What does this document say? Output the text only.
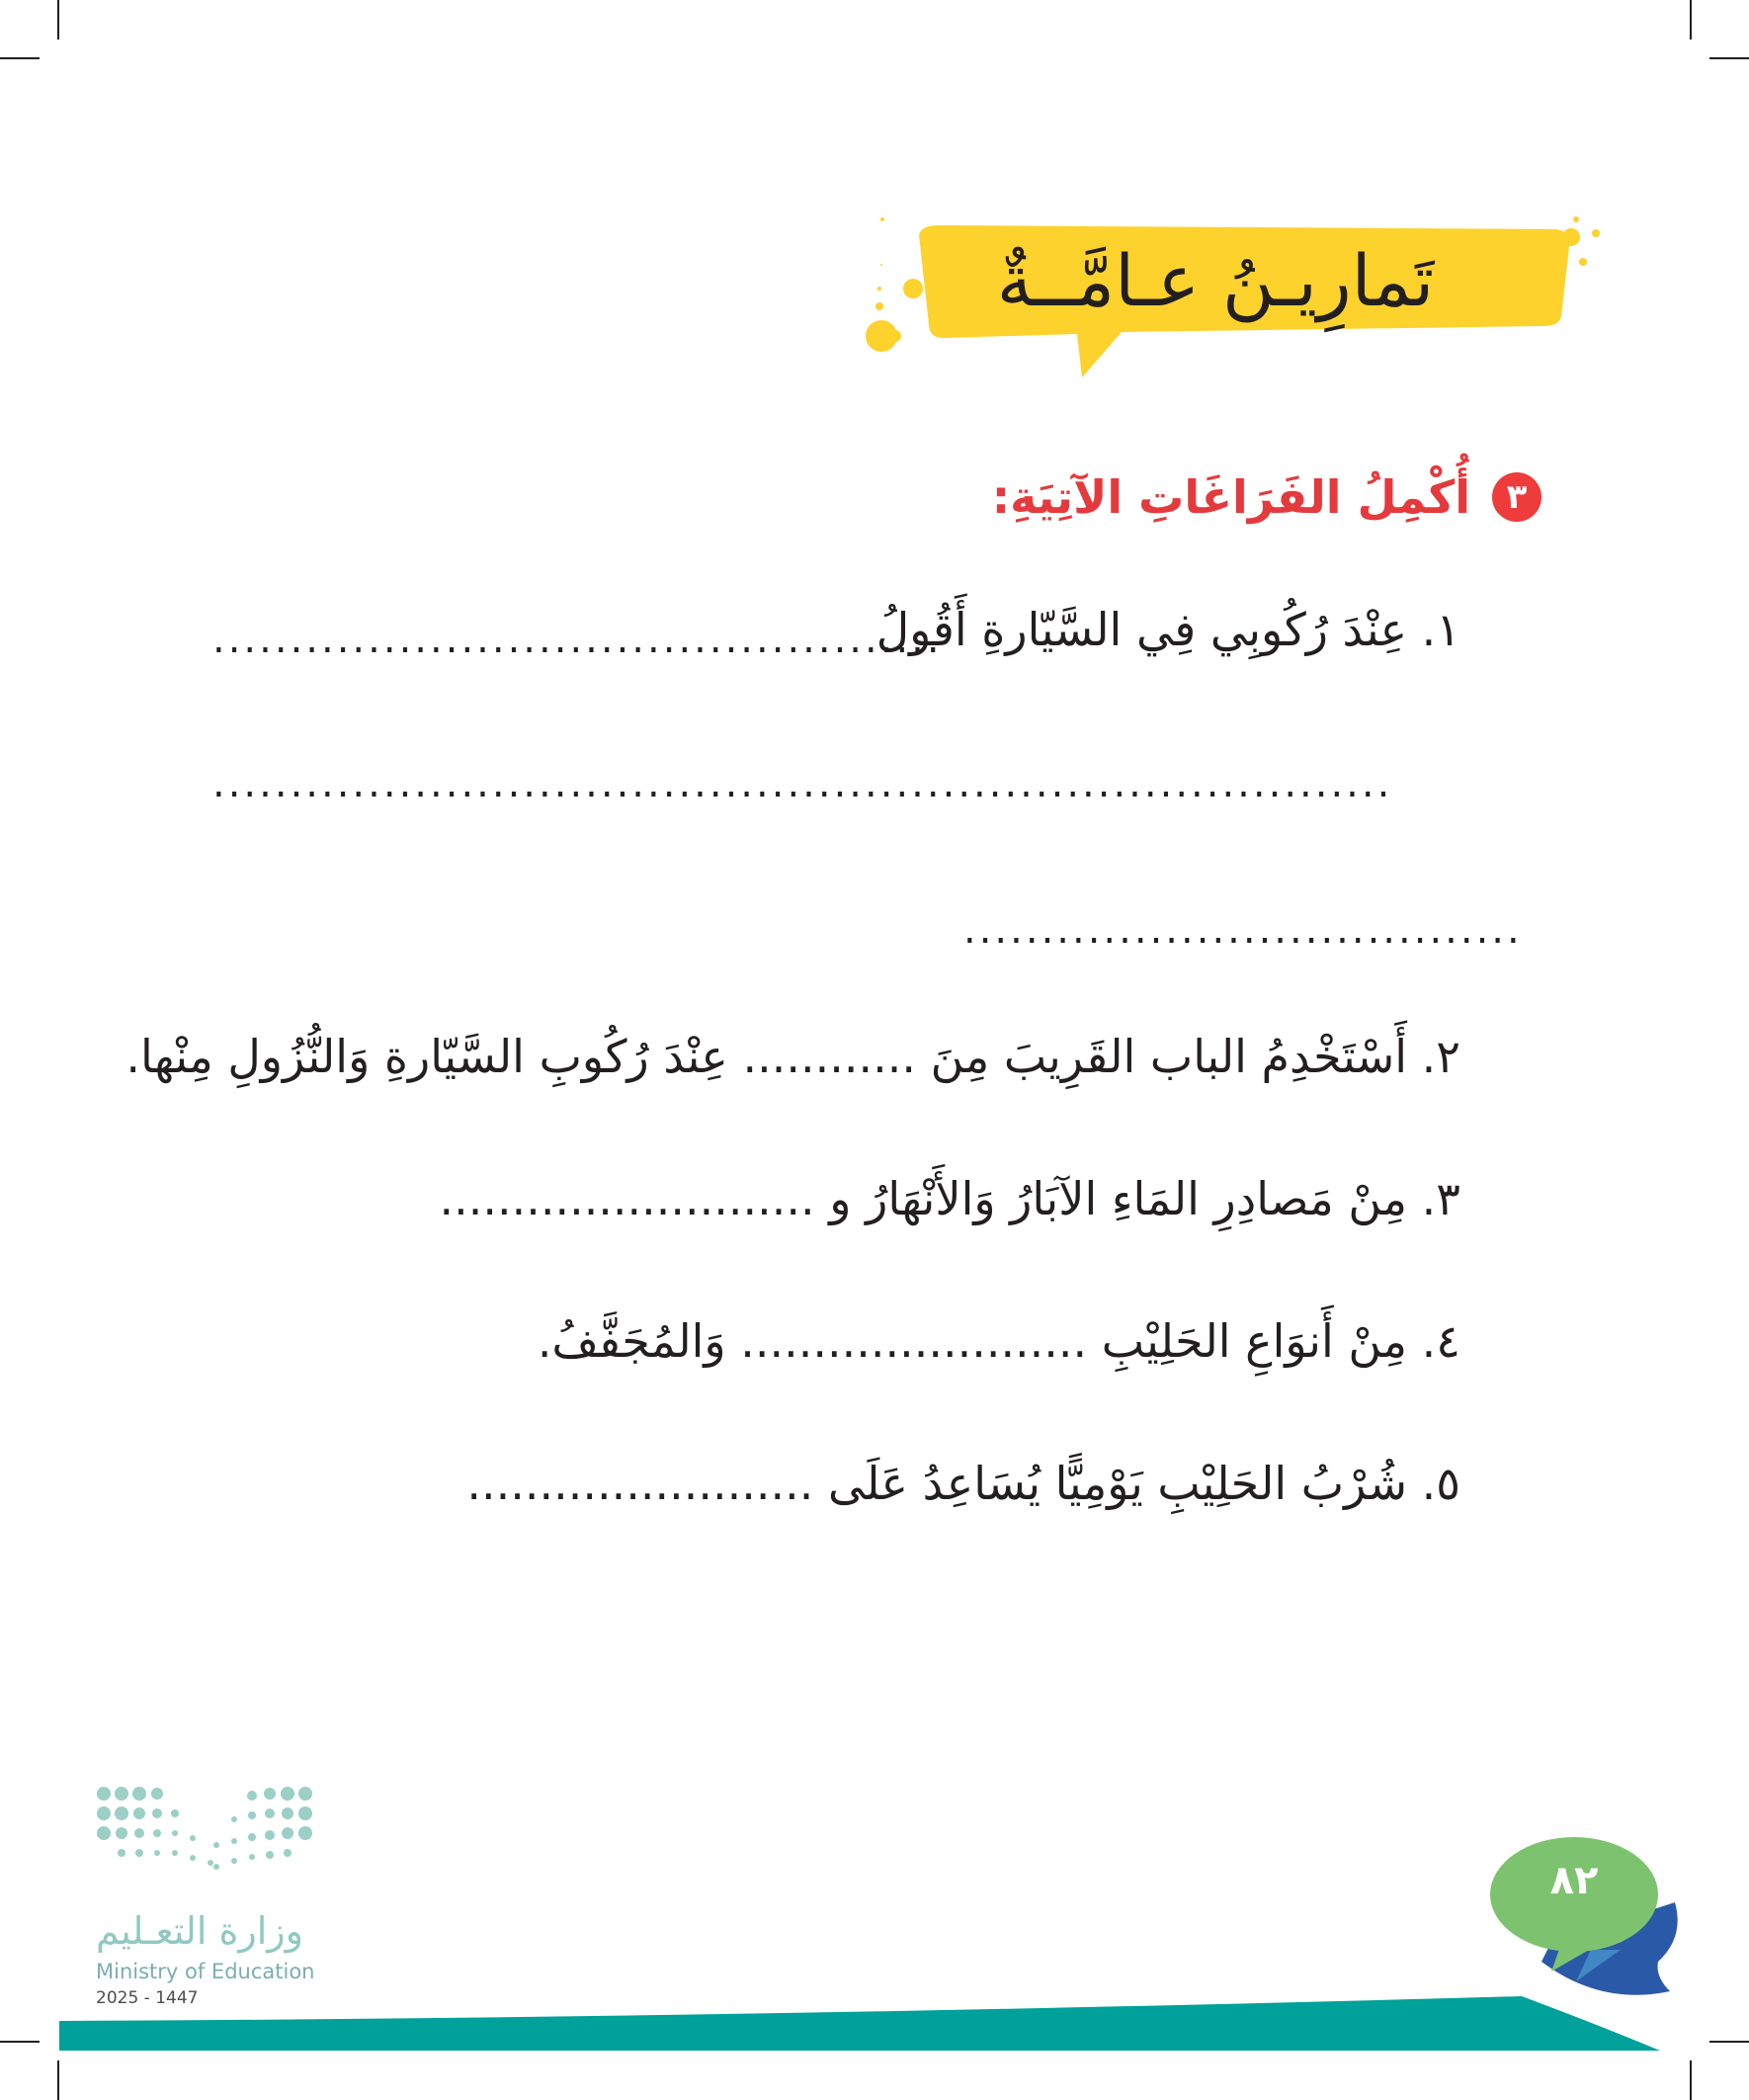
تَمارِيـنُ عـامَّــةٌ
٣
أُكْمِلُ الفَرَاغَاتِ الآتِيَةِ:
١. عِنْدَ رُكُوبِي فِي السَّيّارةِ أَقُولُ
...............................................
............................................................................
....................................
٢. أَسْتَخْدِمُ الباب القَرِيبَ مِنَ ............ عِنْدَ رُكُوبِ السَّيّارةِ وَالنُّزُولِ مِنْها.
٣. مِنْ مَصادِرِ المَاءِ الآبَارُ وَالأَنْهَارُ و ..........................
٤. مِنْ أَنوَاعِ الحَلِيْبِ ........................ وَالمُجَفَّفُ.
٥. شُرْبُ الحَلِيْبِ يَوْمِيًّا يُسَاعِدُ عَلَى ........................
وزارة التعـليم
Ministry of Education
2025 - 1447
٨٢
